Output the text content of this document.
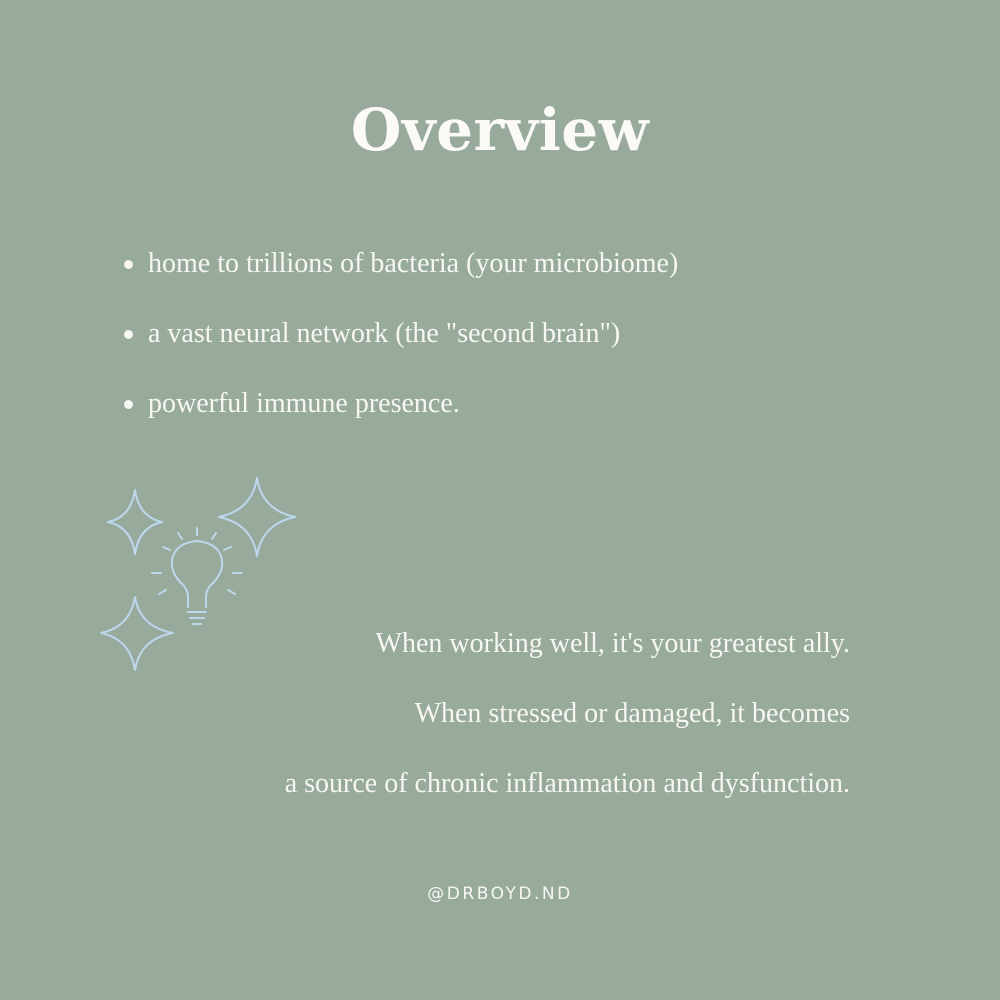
Overview
home to trillions of bacteria (your microbiome)
a vast neural network (the "second brain")
powerful immune presence.
When working well, it's your greatest ally.
When stressed or damaged, it becomes
a source of chronic inflammation and dysfunction.
@DRBOYD.ND
